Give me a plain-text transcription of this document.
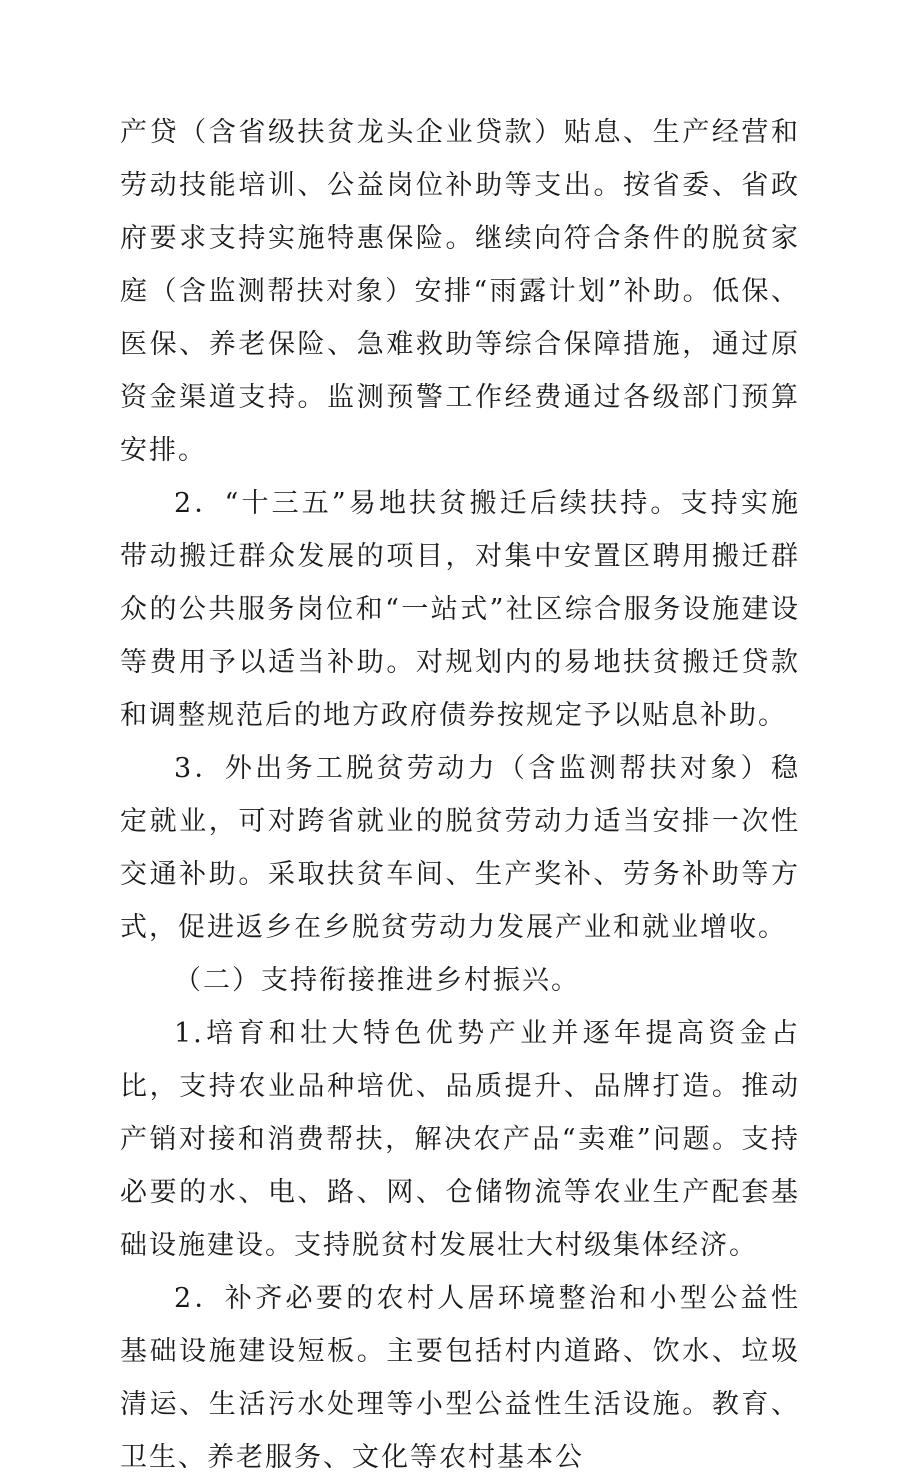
产贷（含省级扶贫龙头企业贷款）贴息、生产经营和劳动技能培训、公益岗位补助等支出。按省委、省政府要求支持实施特惠保险。继续向符合条件的脱贫家庭（含监测帮扶对象）安排“雨露计划”补助。低保、医保、养老保险、急难救助等综合保障措施，通过原资金渠道支持。监测预警工作经费通过各级部门预算安排。

2．“十三五”易地扶贫搬迁后续扶持。支持实施带动搬迁群众发展的项目，对集中安置区聘用搬迁群众的公共服务岗位和“一站式”社区综合服务设施建设等费用予以适当补助。对规划内的易地扶贫搬迁贷款和调整规范后的地方政府债券按规定予以贴息补助。

3．外出务工脱贫劳动力（含监测帮扶对象）稳定就业，可对跨省就业的脱贫劳动力适当安排一次性交通补助。采取扶贫车间、生产奖补、劳务补助等方式，促进返乡在乡脱贫劳动力发展产业和就业增收。

（二）支持衔接推进乡村振兴。

1.培育和壮大特色优势产业并逐年提高资金占比，支持农业品种培优、品质提升、品牌打造。推动产销对接和消费帮扶，解决农产品“卖难”问题。支持必要的水、电、路、网、仓储物流等农业生产配套基础设施建设。支持脱贫村发展壮大村级集体经济。

2．补齐必要的农村人居环境整治和小型公益性基础设施建设短板。主要包括村内道路、饮水、垃圾清运、生活污水处理等小型公益性生活设施。教育、卫生、养老服务、文化等农村基本公
